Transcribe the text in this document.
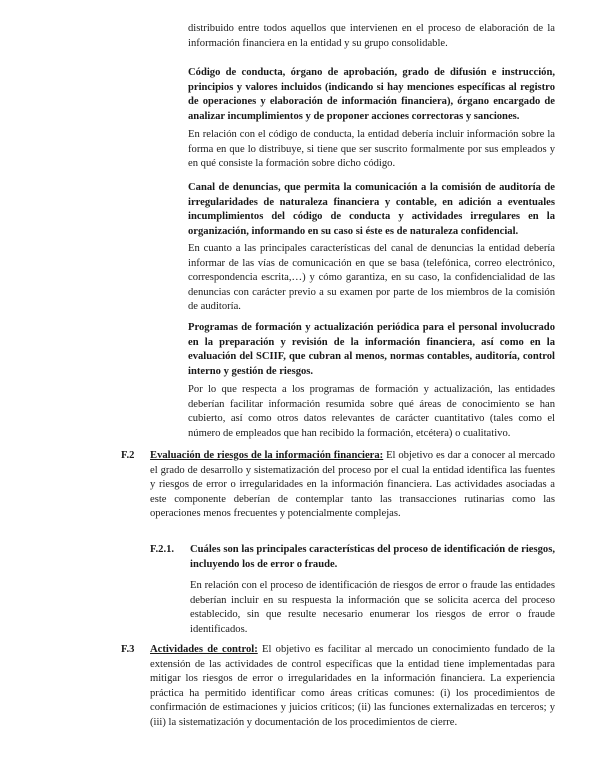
distribuido entre todos aquellos que intervienen en el proceso de elaboración de la información financiera en la entidad y su grupo consolidable.

Código de conducta, órgano de aprobación, grado de difusión e instrucción, principios y valores incluidos (indicando si hay menciones específicas al registro de operaciones y elaboración de información financiera), órgano encargado de analizar incumplimientos y de proponer acciones correctoras y sanciones.

En relación con el código de conducta, la entidad debería incluir información sobre la forma en que lo distribuye, si tiene que ser suscrito formalmente por sus empleados y en qué consiste la formación sobre dicho código.

Canal de denuncias, que permita la comunicación a la comisión de auditoría de irregularidades de naturaleza financiera y contable, en adición a eventuales incumplimientos del código de conducta y actividades irregulares en la organización, informando en su caso si éste es de naturaleza confidencial.

En cuanto a las principales características del canal de denuncias la entidad debería informar de las vías de comunicación en que se basa (telefónica, correo electrónico, correspondencia escrita,…) y cómo garantiza, en su caso, la confidencialidad de las denuncias con carácter previo a su examen por parte de los miembros de la comisión de auditoría.

Programas de formación y actualización periódica para el personal involucrado en la preparación y revisión de la información financiera, así como en la evaluación del SCIIF, que cubran al menos, normas contables, auditoría, control interno y gestión de riesgos.

Por lo que respecta a los programas de formación y actualización, las entidades deberían facilitar información resumida sobre qué áreas de conocimiento se han cubierto, así como otros datos relevantes de carácter cuantitativo (tales como el número de empleados que han recibido la formación, etcétera) o cualitativo.

F.2 Evaluación de riesgos de la información financiera: El objetivo es dar a conocer al mercado el grado de desarrollo y sistematización del proceso por el cual la entidad identifica las fuentes y riesgos de error o irregularidades en la información financiera. Las actividades asociadas a este componente deberían de contemplar tanto las transacciones rutinarias como las operaciones menos frecuentes y potencialmente complejas.

F.2.1. Cuáles son las principales características del proceso de identificación de riesgos, incluyendo los de error o fraude.

En relación con el proceso de identificación de riesgos de error o fraude las entidades deberían incluir en su respuesta la información que se solicita acerca del proceso establecido, sin que resulte necesario enumerar los riesgos de error o fraude identificados.

F.3 Actividades de control: El objetivo es facilitar al mercado un conocimiento fundado de la extensión de las actividades de control específicas que la entidad tiene implementadas para mitigar los riesgos de error o irregularidades en la información financiera. La experiencia práctica ha permitido identificar como áreas críticas comunes: (i) los procedimientos de confirmación de estimaciones y juicios críticos; (ii) las funciones externalizadas en terceros; y (iii) la sistematización y documentación de los procedimientos de cierre.
